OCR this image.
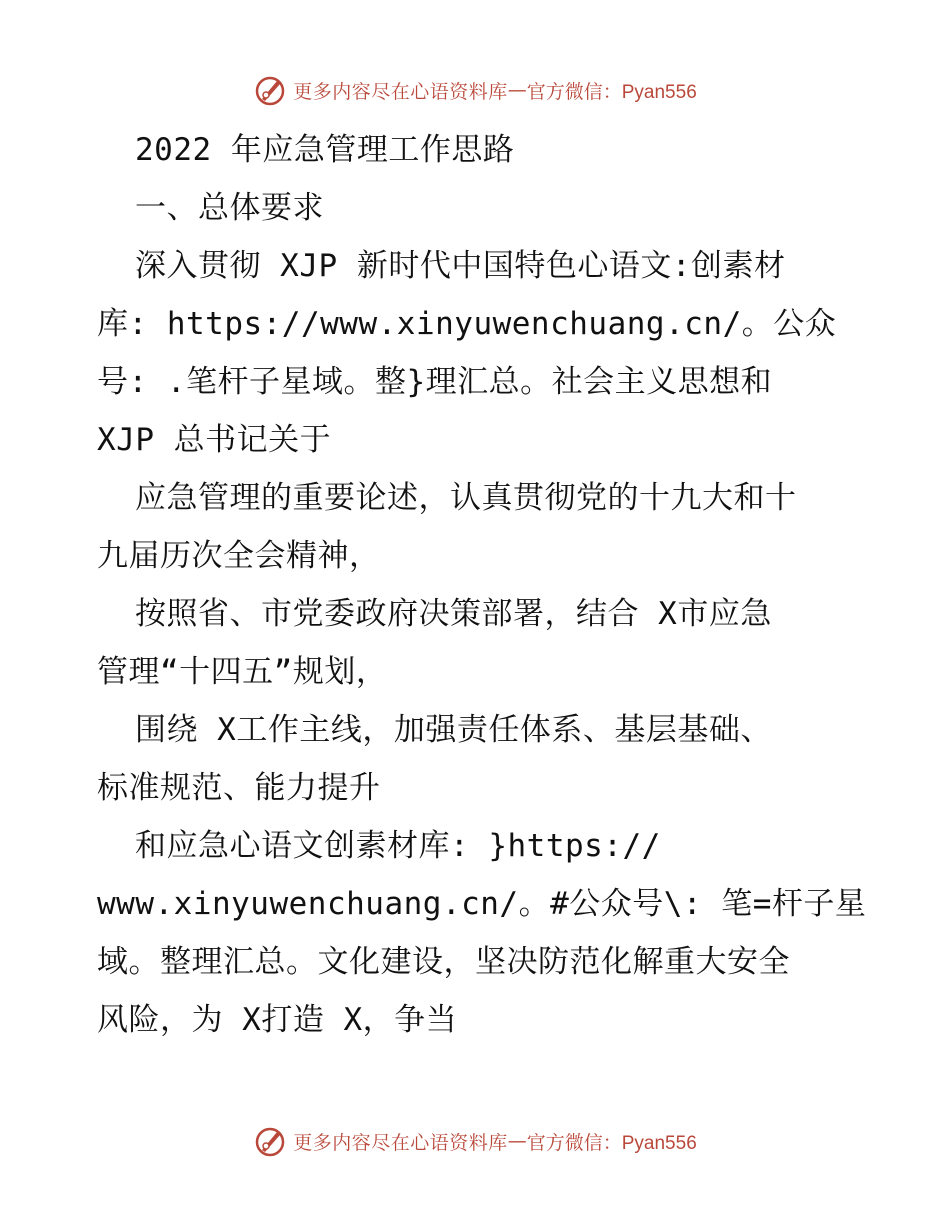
更多内容尽在心语资料库 — 官方微信：Pyan556
2022 年应急管理工作思路
一、总体要求
深入贯彻 XJP 新时代中国特色心语文:创素材
库: https://www.xinyuwenchuang.cn/。公众
号: .笔杆子星域。整}理汇总。社会主义思想和
XJP 总书记关于
应急管理的重要论述，认真贯彻党的十九大和十
九届历次全会精神，
按照省、市党委政府决策部署，结合 X市应急
管理“十四五”规划，
围绕 X工作主线，加强责任体系、基层基础、
标准规范、能力提升
和应急心语文创素材库: }https://
www.xinyuwenchuang.cn/。#公众号\: 笔=杆子星
域。整理汇总。文化建设，坚决防范化解重大安全
风险，为 X打造 X，争当
更多内容尽在心语资料库 — 官方微信：Pyan556
